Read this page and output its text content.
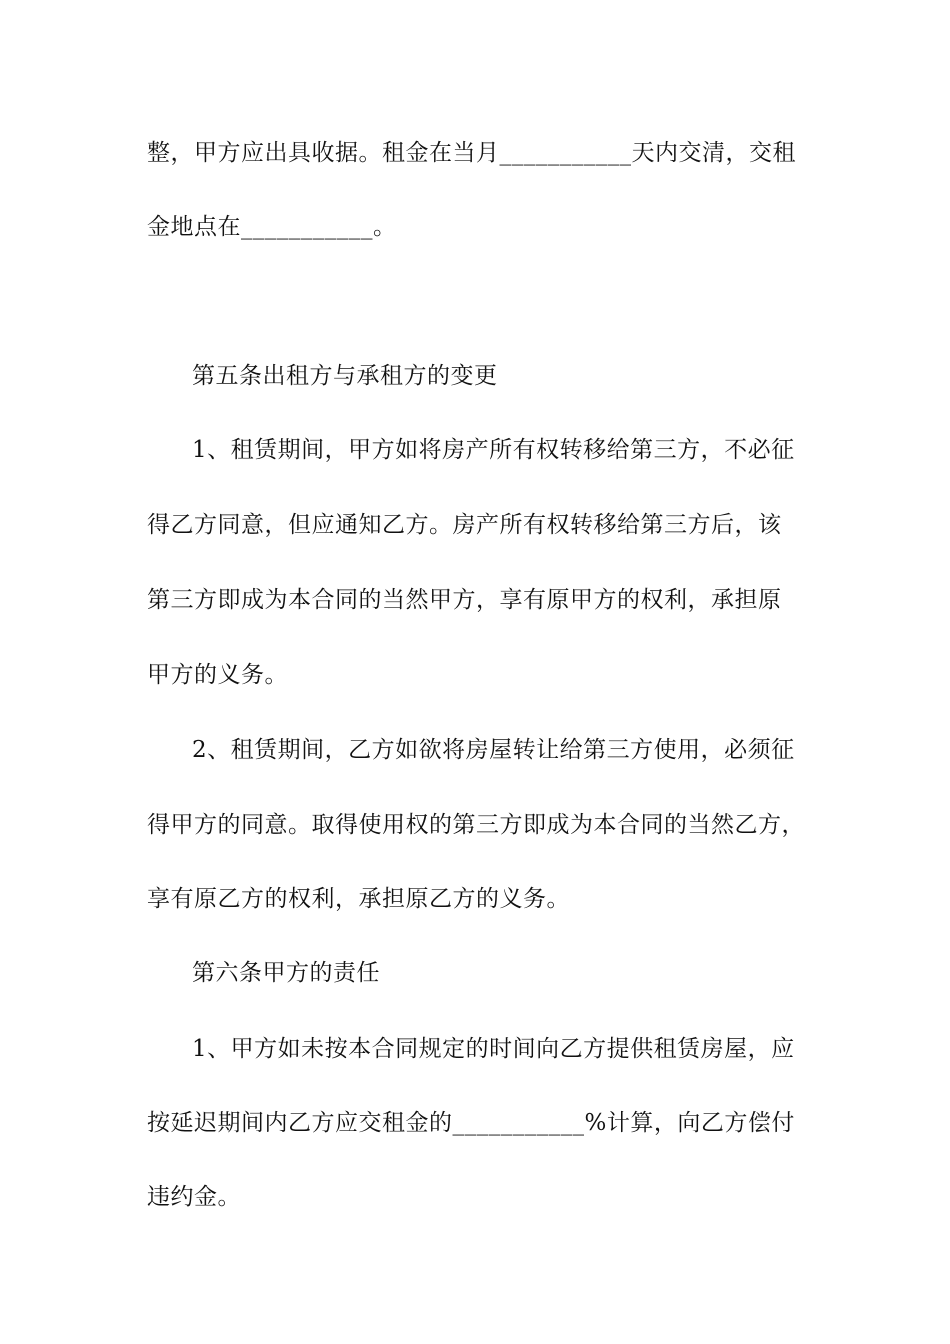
整，甲方应出具收据。租金在当月___________天内交清，交租
金地点在___________。
第五条出租方与承租方的变更
1、租赁期间，甲方如将房产所有权转移给第三方，不必征
得乙方同意，但应通知乙方。房产所有权转移给第三方后，该
第三方即成为本合同的当然甲方，享有原甲方的权利，承担原
甲方的义务。
2、租赁期间，乙方如欲将房屋转让给第三方使用，必须征
得甲方的同意。取得使用权的第三方即成为本合同的当然乙方，
享有原乙方的权利，承担原乙方的义务。
第六条甲方的责任
1、甲方如未按本合同规定的时间向乙方提供租赁房屋，应
按延迟期间内乙方应交租金的___________%计算，向乙方偿付
违约金。
